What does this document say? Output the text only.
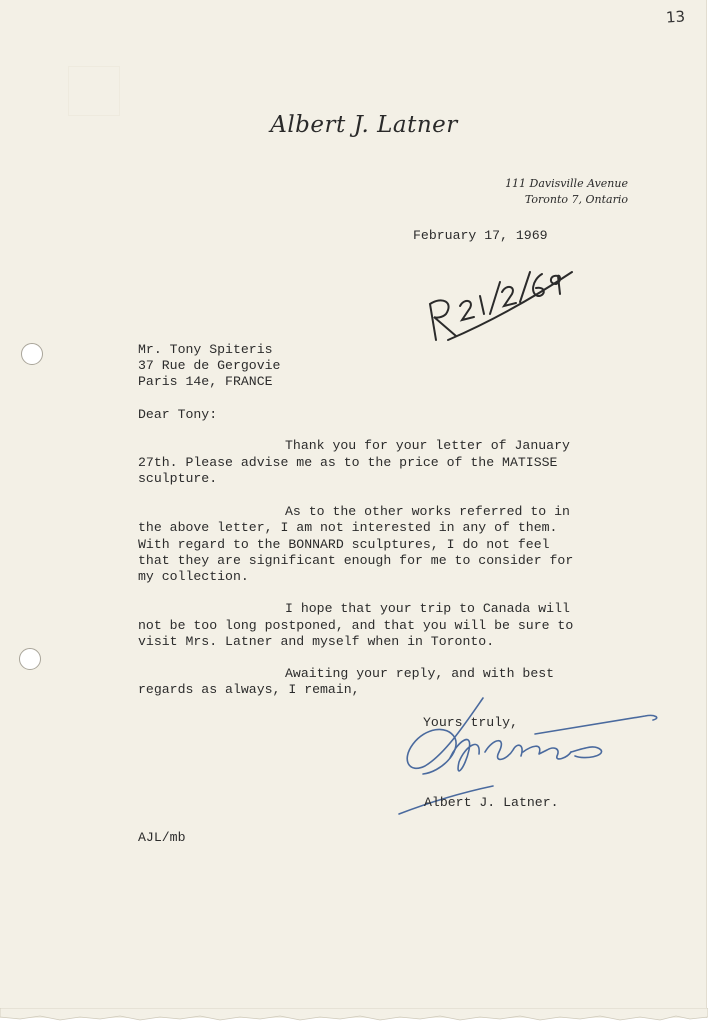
13
Albert J. Latner
111 Davisville Avenue
Toronto 7, Ontario
February 17, 1969
Mr. Tony Spiteris
37 Rue de Gergovie
Paris 14e, FRANCE
Dear Tony:
Thank you for your letter of January
27th. Please advise me as to the price of the MATISSE
sculpture.
As to the other works referred to in
the above letter, I am not interested in any of them.
With regard to the BONNARD sculptures, I do not feel
that they are significant enough for me to consider for
my collection.
I hope that your trip to Canada will
not be too long postponed, and that you will be sure to
visit Mrs. Latner and myself when in Toronto.
Awaiting your reply, and with best
regards as always, I remain,
Yours truly,
Albert J. Latner.
AJL/mb
